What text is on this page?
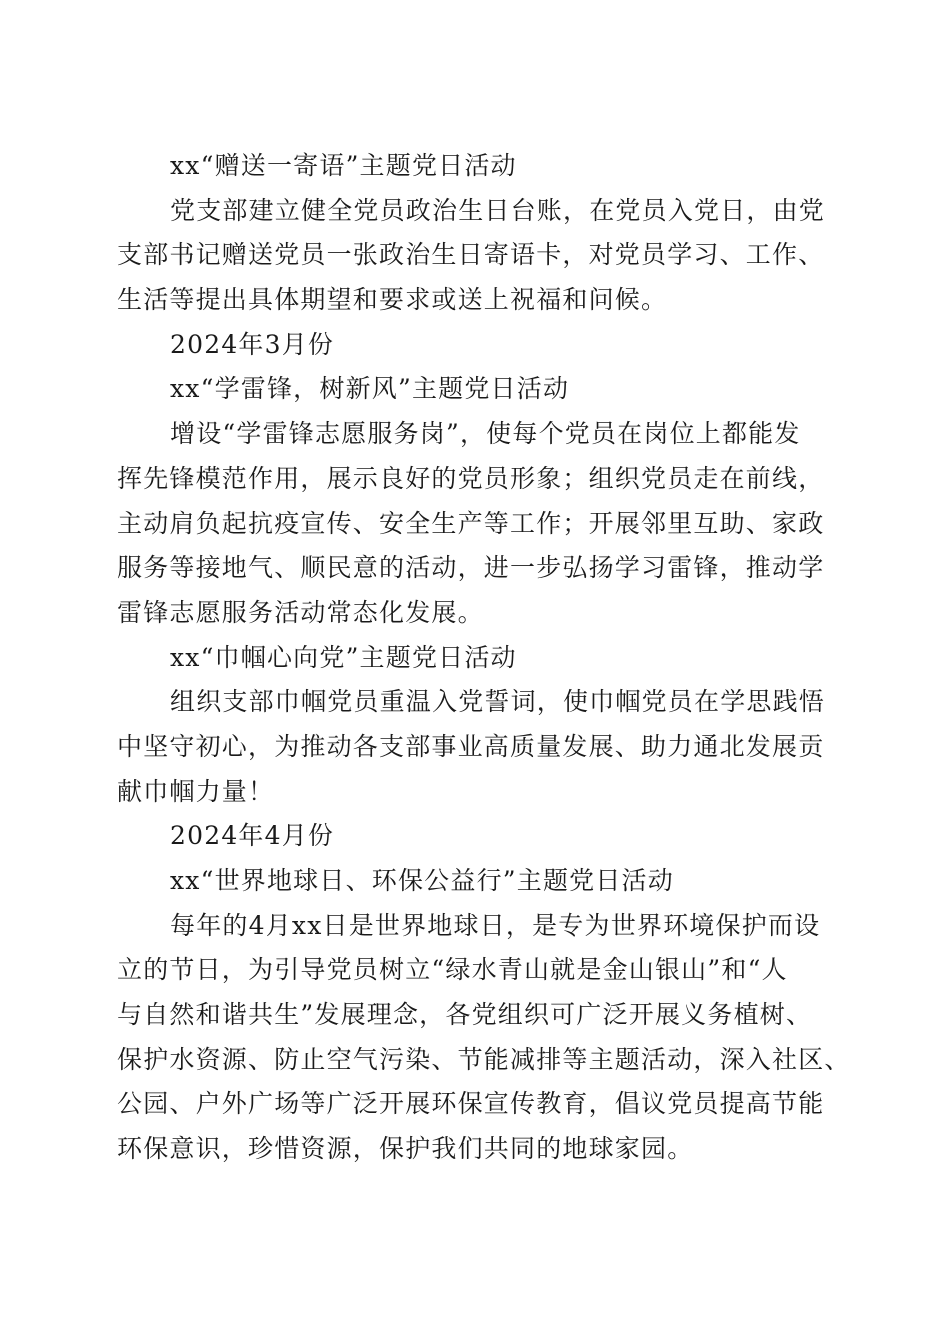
xx“赠送一寄语”主题党日活动
党支部建立健全党员政治生日台账，在党员入党日，由党
支部书记赠送党员一张政治生日寄语卡，对党员学习、工作、
生活等提出具体期望和要求或送上祝福和问候。
2024年3月份
xx“学雷锋，树新风”主题党日活动
增设“学雷锋志愿服务岗”，使每个党员在岗位上都能发
挥先锋模范作用，展示良好的党员形象；组织党员走在前线，
主动肩负起抗疫宣传、安全生产等工作；开展邻里互助、家政
服务等接地气、顺民意的活动，进一步弘扬学习雷锋，推动学
雷锋志愿服务活动常态化发展。
xx“巾帼心向党”主题党日活动
组织支部巾帼党员重温入党誓词，使巾帼党员在学思践悟
中坚守初心，为推动各支部事业高质量发展、助力通北发展贡
献巾帼力量！
2024年4月份
xx“世界地球日、环保公益行”主题党日活动
每年的4月xx日是世界地球日，是专为世界环境保护而设
立的节日，为引导党员树立“绿水青山就是金山银山”和“人
与自然和谐共生”发展理念，各党组织可广泛开展义务植树、
保护水资源、防止空气污染、节能减排等主题活动，深入社区、
公园、户外广场等广泛开展环保宣传教育，倡议党员提高节能
环保意识，珍惜资源，保护我们共同的地球家园。
